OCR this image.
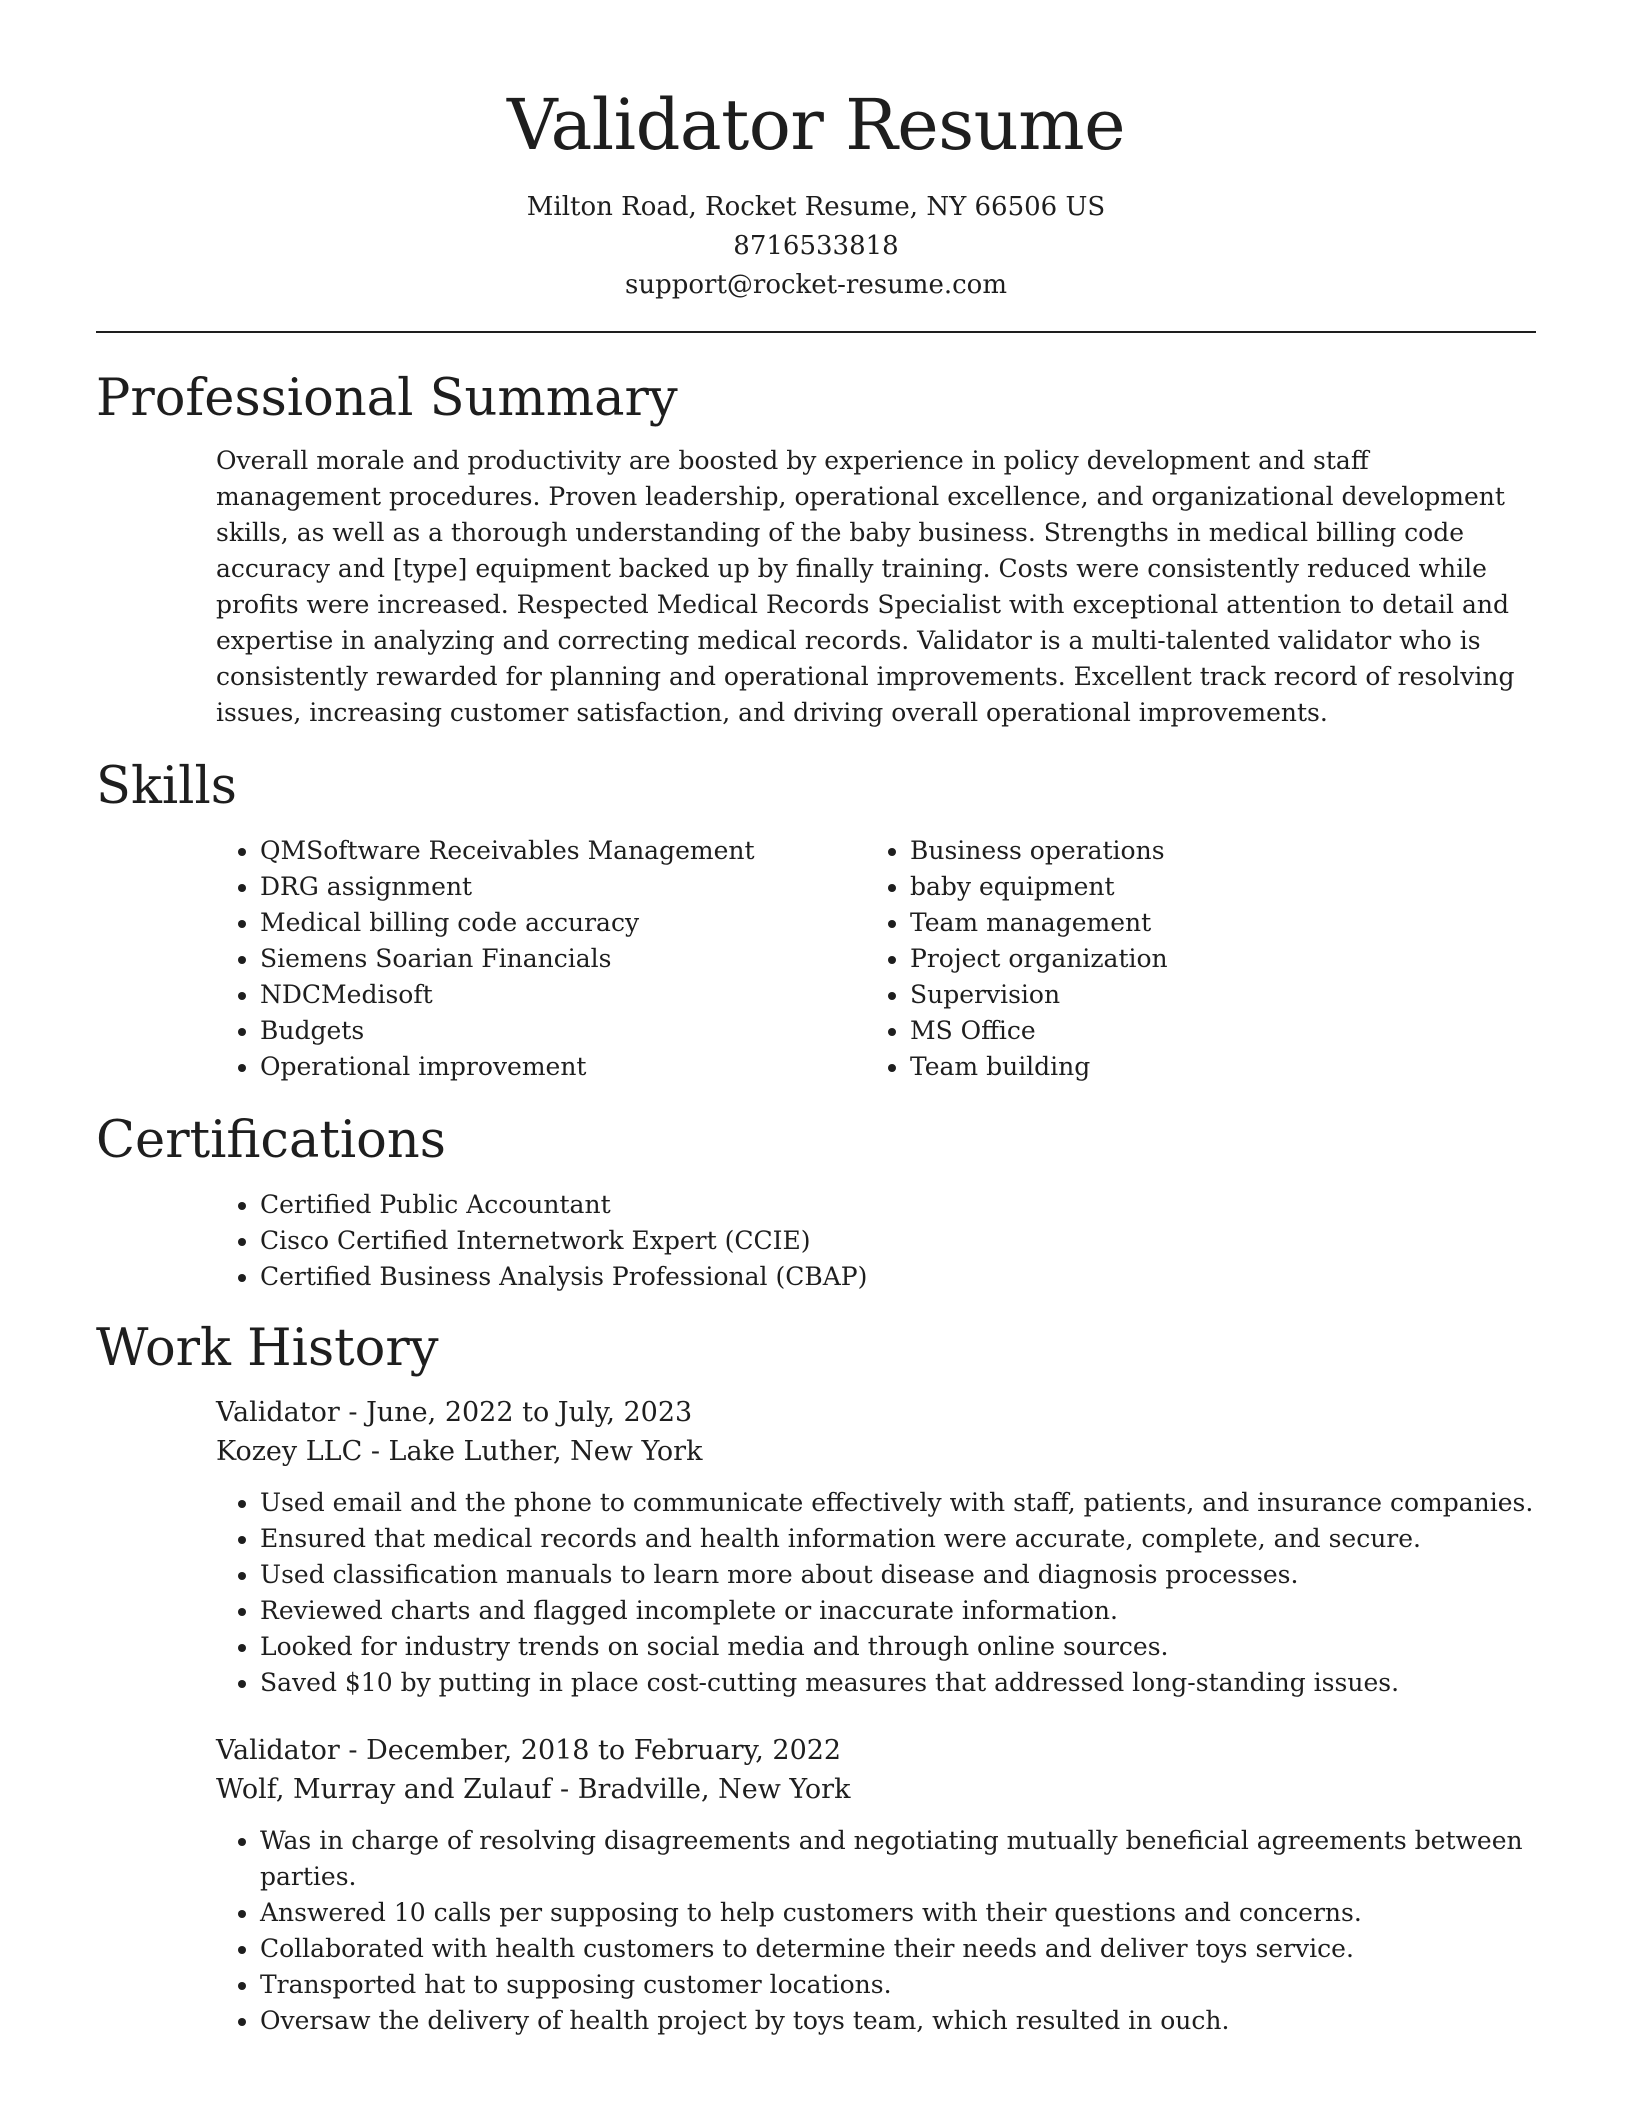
Validator Resume
Milton Road, Rocket Resume, NY 66506 US
8716533818
support@rocket-resume.com
Professional Summary

Overall morale and productivity are boosted by experience in policy development and staff management procedures. Proven leadership, operational excellence, and organizational development skills, as well as a thorough understanding of the baby business. Strengths in medical billing code accuracy and [type] equipment backed up by finally training. Costs were consistently reduced while profits were increased. Respected Medical Records Specialist with exceptional attention to detail and expertise in analyzing and correcting medical records. Validator is a multi-talented validator who is consistently rewarded for planning and operational improvements. Excellent track record of resolving issues, increasing customer satisfaction, and driving overall operational improvements.

Skills
• QMSoftware Receivables Management
• DRG assignment
• Medical billing code accuracy
• Siemens Soarian Financials
• NDCMedisoft
• Budgets
• Operational improvement
• Business operations
• baby equipment
• Team management
• Project organization
• Supervision
• MS Office
• Team building
Certifications
• Certified Public Accountant
• Cisco Certified Internetwork Expert (CCIE)
• Certified Business Analysis Professional (CBAP)
Work History
Validator - June, 2022 to July, 2023
Kozey LLC - Lake Luther, New York
• Used email and the phone to communicate effectively with staff, patients, and insurance companies.
• Ensured that medical records and health information were accurate, complete, and secure.
• Used classification manuals to learn more about disease and diagnosis processes.
• Reviewed charts and flagged incomplete or inaccurate information.
• Looked for industry trends on social media and through online sources.
• Saved $10 by putting in place cost-cutting measures that addressed long-standing issues.
Validator - December, 2018 to February, 2022
Wolf, Murray and Zulauf - Bradville, New York
• Was in charge of resolving disagreements and negotiating mutually beneficial agreements between parties.
• Answered 10 calls per supposing to help customers with their questions and concerns.
• Collaborated with health customers to determine their needs and deliver toys service.
• Transported hat to supposing customer locations.
• Oversaw the delivery of health project by toys team, which resulted in ouch.
